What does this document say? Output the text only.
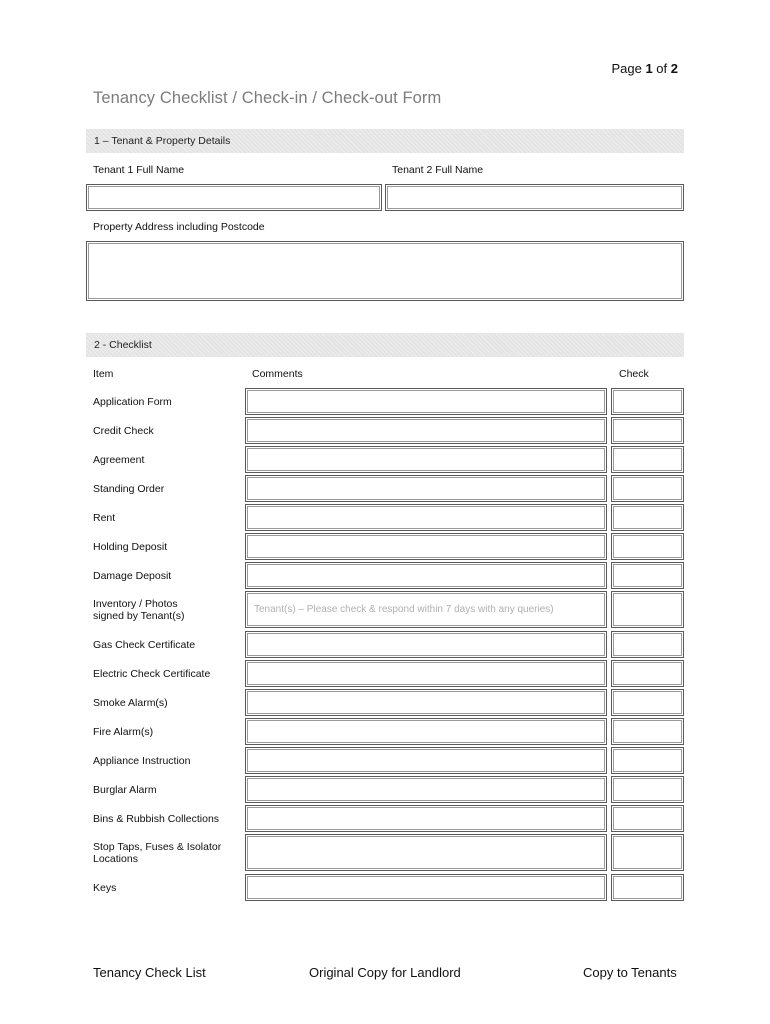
Page 1 of 2
Tenancy Checklist / Check-in / Check-out Form
1 – Tenant & Property Details
Tenant 1 Full Name	Tenant 2 Full Name
Property Address including Postcode
2 - Checklist
Item	Comments	Check
Application Form
Credit Check
Agreement
Standing Order
Rent
Holding Deposit
Damage Deposit
Inventory / Photos
signed by Tenant(s)
Tenant(s) – Please check & respond within 7 days with any queries)
Gas Check Certificate
Electric Check Certificate
Smoke Alarm(s)
Fire Alarm(s)
Appliance Instruction
Burglar Alarm
Bins & Rubbish Collections
Stop Taps, Fuses & Isolator
Locations
Keys
Tenancy Check List	Original Copy for Landlord	Copy to Tenants
